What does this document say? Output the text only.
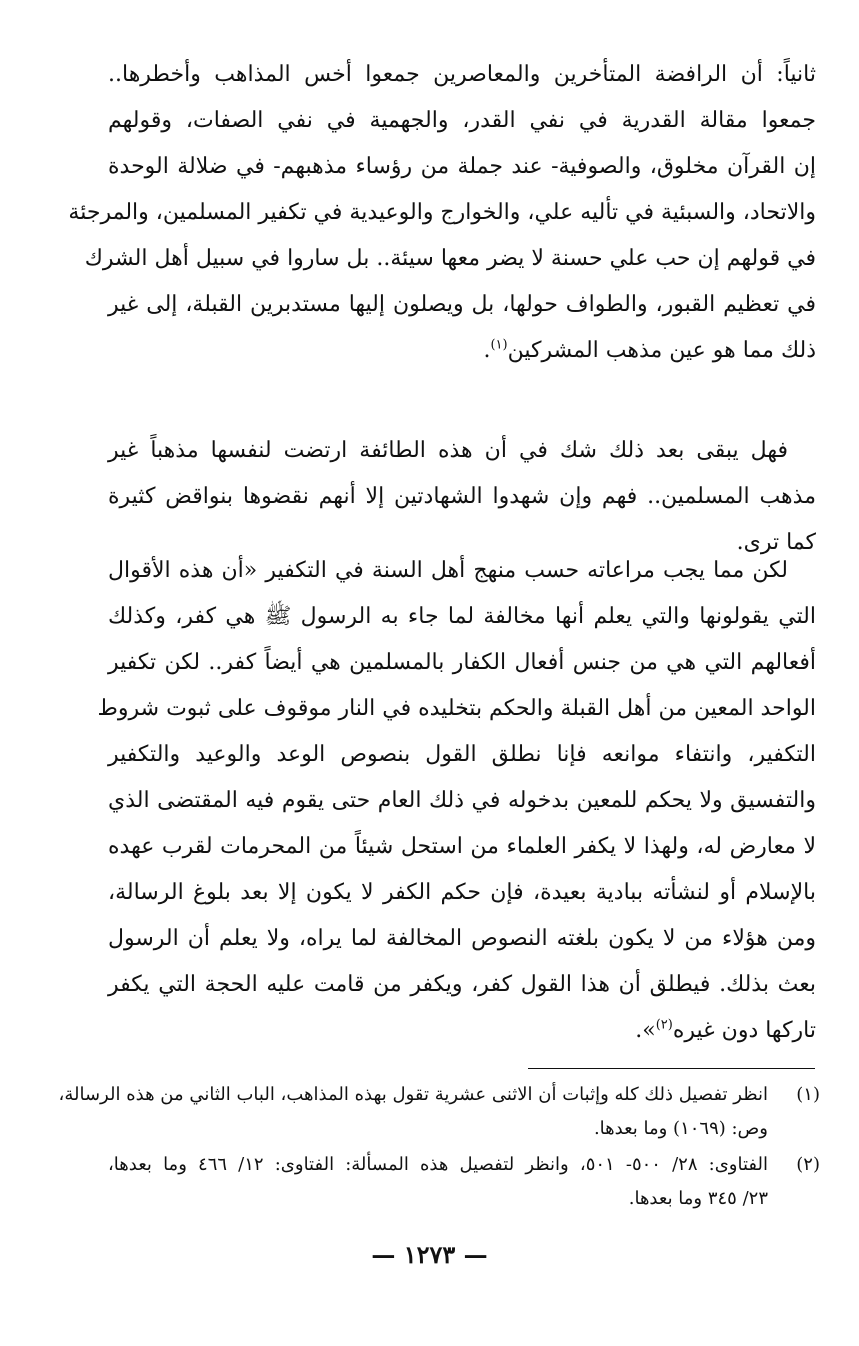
ثانياً: أن الرافضة المتأخرين والمعاصرين جمعوا أخس المذاهب وأخطرها..
جمعوا مقالة القدرية في نفي القدر، والجهمية في نفي الصفات، وقولهم
إن القرآن مخلوق، والصوفية- عند جملة من رؤساء مذهبهم- في ضلالة الوحدة
والاتحاد، والسبئية في تأليه علي، والخوارج والوعيدية في تكفير المسلمين، والمرجئة
في قولهم إن حب علي حسنة لا يضر معها سيئة.. بل ساروا في سبيل أهل الشرك
في تعظيم القبور، والطواف حولها، بل ويصلون إليها مستدبرين القبلة، إلى غير
ذلك مما هو عين مذهب المشركين$^{(١)}$.
فهل يبقى بعد ذلك شك في أن هذه الطائفة ارتضت لنفسها مذهباً غير
مذهب المسلمين.. فهم وإن شهدوا الشهادتين إلا أنهم نقضوها بنواقض كثيرة
كما ترى.
لكن مما يجب مراعاته حسب منهج أهل السنة في التكفير «أن هذه الأقوال
التي يقولونها والتي يعلم أنها مخالفة لما جاء به الرسول ﷺ هي كفر، وكذلك
أفعالهم التي هي من جنس أفعال الكفار بالمسلمين هي أيضاً كفر.. لكن تكفير
الواحد المعين من أهل القبلة والحكم بتخليده في النار موقوف على ثبوت شروط
التكفير، وانتفاء موانعه فإنا نطلق القول بنصوص الوعد والوعيد والتكفير
والتفسيق ولا يحكم للمعين بدخوله في ذلك العام حتى يقوم فيه المقتضى الذي
لا معارض له، ولهذا لا يكفر العلماء من استحل شيئاً من المحرمات لقرب عهده
بالإسلام أو لنشأته ببادية بعيدة، فإن حكم الكفر لا يكون إلا بعد بلوغ الرسالة،
ومن هؤلاء من لا يكون بلغته النصوص المخالفة لما يراه، ولا يعلم أن الرسول
بعث بذلك. فيطلق أن هذا القول كفر، ويكفر من قامت عليه الحجة التي يكفر
تاركها دون غيره$^{(٢)}$».
(١)
انظر تفصيل ذلك كله وإثبات أن الاثنى عشرية تقول بهذه المذاهب، الباب الثاني من هذه الرسالة،
وص: (١٠٦٩) وما بعدها.
(٢)
الفتاوى: ٢٨/ ٥٠٠- ٥٠١، وانظر لتفصيل هذه المسألة: الفتاوى: ١٢/ ٤٦٦ وما بعدها،
٢٣/ ٣٤٥ وما بعدها.
— ١٢٧٣ —
